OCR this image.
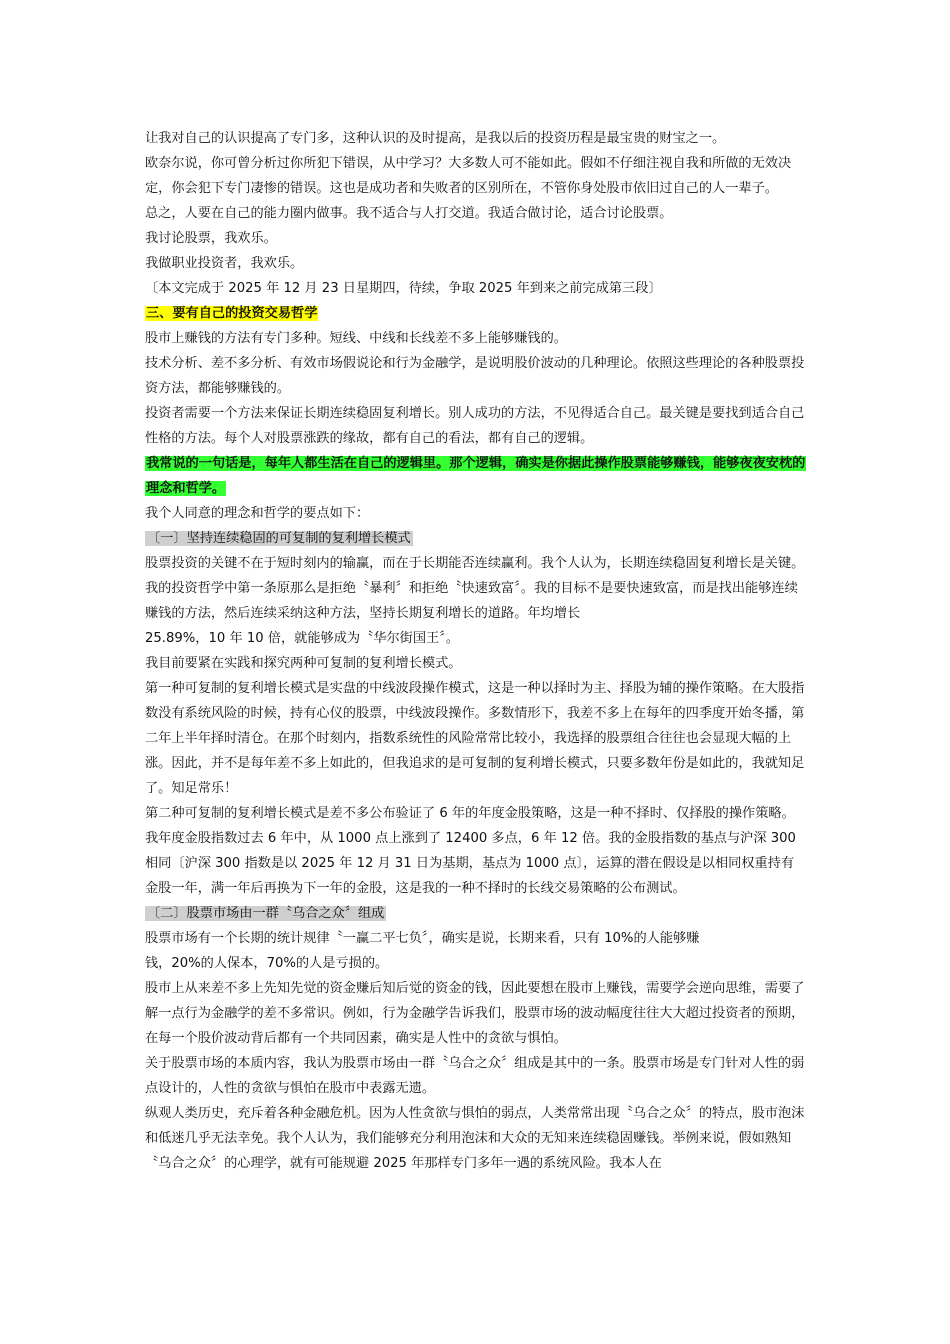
让我对自己的认识提高了专门多，这种认识的及时提高，是我以后的投资历程是最宝贵的财宝之一。

欧奈尔说，你可曾分析过你所犯下错误，从中学习？大多数人可不能如此。假如不仔细注视自我和所做的无效决定，你会犯下专门凄惨的错误。这也是成功者和失败者的区别所在，不管你身处股市依旧过自己的人一辈子。

总之，人要在自己的能力圈内做事。我不适合与人打交道。我适合做讨论，适合讨论股票。

我讨论股票，我欢乐。

我做职业投资者，我欢乐。

〔本文完成于 2025 年 12 月 23 日星期四，待续，争取 2025 年到来之前完成第三段〕

三、要有自己的投资交易哲学

股市上赚钱的方法有专门多种。短线、中线和长线差不多上能够赚钱的。

技术分析、差不多分析、有效市场假说论和行为金融学，是说明股价波动的几种理论。依照这些理论的各种股票投资方法，都能够赚钱的。

投资者需要一个方法来保证长期连续稳固复利增长。别人成功的方法，不见得适合自己。最关键是要找到适合自己性格的方法。每个人对股票涨跌的缘故，都有自己的看法，都有自己的逻辑。

我常说的一句话是，每年人都生活在自己的逻辑里。那个逻辑，确实是你据此操作股票能够赚钱，能够夜夜安枕的理念和哲学。

我个人同意的理念和哲学的要点如下：

〔一〕坚持连续稳固的可复制的复利增长模式

股票投资的关键不在于短时刻内的输赢，而在于长期能否连续赢利。我个人认为，长期连续稳固复利增长是关键。我的投资哲学中第一条原那么是拒绝〝暴利〞和拒绝〝快速致富〞。我的目标不是要快速致富，而是找出能够连续赚钱的方法，然后连续采纳这种方法，坚持长期复利增长的道路。年均增长

25.89%，10 年 10 倍，就能够成为〝华尔街国王〞。

我目前要紧在实践和探究两种可复制的复利增长模式。

第一种可复制的复利增长模式是实盘的中线波段操作模式，这是一种以择时为主、择股为辅的操作策略。在大股指数没有系统风险的时候，持有心仪的股票，中线波段操作。多数情形下，我差不多上在每年的四季度开始冬播，第二年上半年择时清仓。在那个时刻内，指数系统性的风险常常比较小，我选择的股票组合往往也会显现大幅的上涨。因此，并不是每年差不多上如此的，但我追求的是可复制的复利增长模式，只要多数年份是如此的，我就知足了。知足常乐！

第二种可复制的复利增长模式是差不多公布验证了 6 年的年度金股策略，这是一种不择时、仅择股的操作策略。我年度金股指数过去 6 年中，从 1000 点上涨到了 12400 多点，6 年 12 倍。我的金股指数的基点与沪深 300 相同〔沪深 300 指数是以 2025 年 12 月 31 日为基期，基点为 1000 点〕，运算的潜在假设是以相同权重持有金股一年，满一年后再换为下一年的金股，这是我的一种不择时的长线交易策略的公布测试。

〔二〕股票市场由一群〝乌合之众〞组成

股票市场有一个长期的统计规律〝一赢二平七负〞，确实是说，长期来看，只有 10%的人能够赚

钱，20%的人保本，70%的人是亏损的。

股市上从来差不多上先知先觉的资金赚后知后觉的资金的钱，因此要想在股市上赚钱，需要学会逆向思维，需要了解一点行为金融学的差不多常识。例如，行为金融学告诉我们，股票市场的波动幅度往往大大超过投资者的预期，在每一个股价波动背后都有一个共同因素，确实是人性中的贪欲与惧怕。

关于股票市场的本质内容，我认为股票市场由一群〝乌合之众〞组成是其中的一条。股票市场是专门针对人性的弱点设计的，人性的贪欲与惧怕在股市中表露无遗。

纵观人类历史，充斥着各种金融危机。因为人性贪欲与惧怕的弱点，人类常常出现〝乌合之众〞的特点，股市泡沫和低迷几乎无法幸免。我个人认为，我们能够充分利用泡沫和大众的无知来连续稳固赚钱。举例来说，假如熟知〝乌合之众〞的心理学，就有可能规避 2025 年那样专门多年一遇的系统风险。我本人在
